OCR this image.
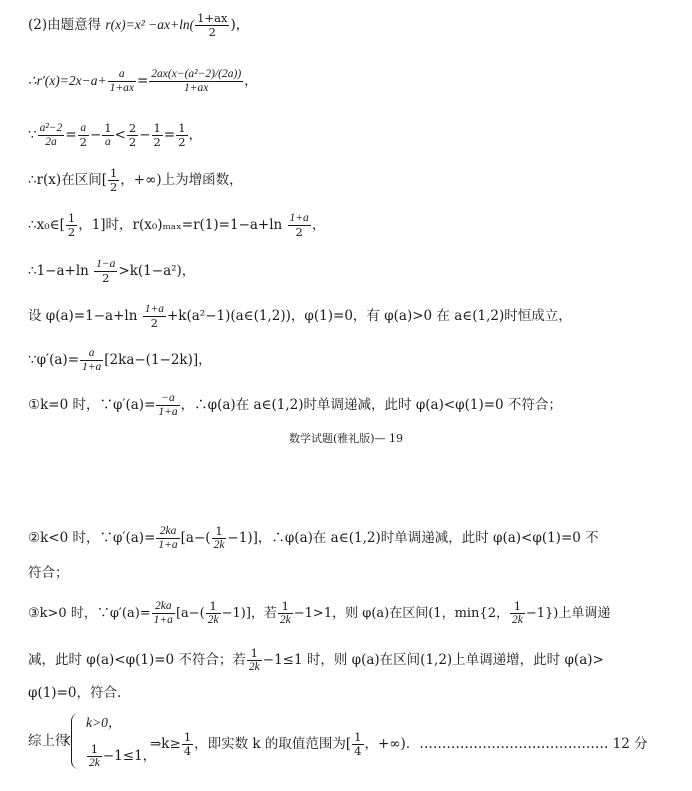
(2)由题意得 $r(x)=x^2 -ax+\ln( \frac{1+ax}{2}$ )，
∴r′(x)=2x−a+ $\frac{a}{1+ax} = \frac{\text{2ax(x−(a²−2)/(2a))}}{1+ax}$ ，
∵ $\frac{\text{a²−2}}{2a} = \frac{a}{2} - \frac{1}{a} < \frac{2}{2} - \frac{1}{2} = \frac{1}{2}$ ，
∴r(x)在区间[ $\frac{1}{2}$ ，+∞)上为增函数，
∴x₀∈[ $\frac{1}{2}$ ，1]时，$r(x_0)_{max}=r(1)=1-a+\ln \frac{1+a}{2}$ ，
∴1−a+ln $\frac{1-a}{2} >k(1-a^2)$，
设 $\varphi(a)=1-a+\ln \frac{1+a}{2}$ +k(a²−1)(a∈(1,2))，φ(1)=0，有 φ(a)>0 在 a∈(1,2)时恒成立，
∵φ′(a)= $\frac{a}{1+a} [2ka-(1-2k)]$，
①k=0 时，∵φ′(a)= $\frac{-a}{1+a}$ ，∴φ(a)在 a∈(1,2)时单调递减，此时 φ(a)<φ(1)=0 不符合；
数学试题(雅礼版)— 19
②k<0 时，∵φ′(a)= $\frac{2ka}{1+a} [a-( \frac{1}{2k} -1)]$，∴φ(a)在 a∈(1,2)时单调递减，此时 φ(a)<φ(1)=0 不
符合；
③k>0 时，∵φ′(a)= $\frac{2ka}{1+a} [a-( \frac{1}{2k} -1)]$，若 $\frac{1}{2k} -1>1$，则 φ(a)在区间(1，min{2， $\frac{1}{2k} -1$})上单调递
减，此时 φ(a)<φ(1)=0 不符合；若 $\frac{1}{2k} -1\le 1$ 时，则 φ(a)在区间(1,2)上单调递增，此时 φ(a)>
φ(1)=0，符合.
综上得
k>0，
$\frac{1}{2k} -1\le 1$，
⇒k≥ $\frac{1}{4}$ ，即实数 k 的取值范围为[ $\frac{1}{4}$ ，+∞)．…………………………………… 12 分
